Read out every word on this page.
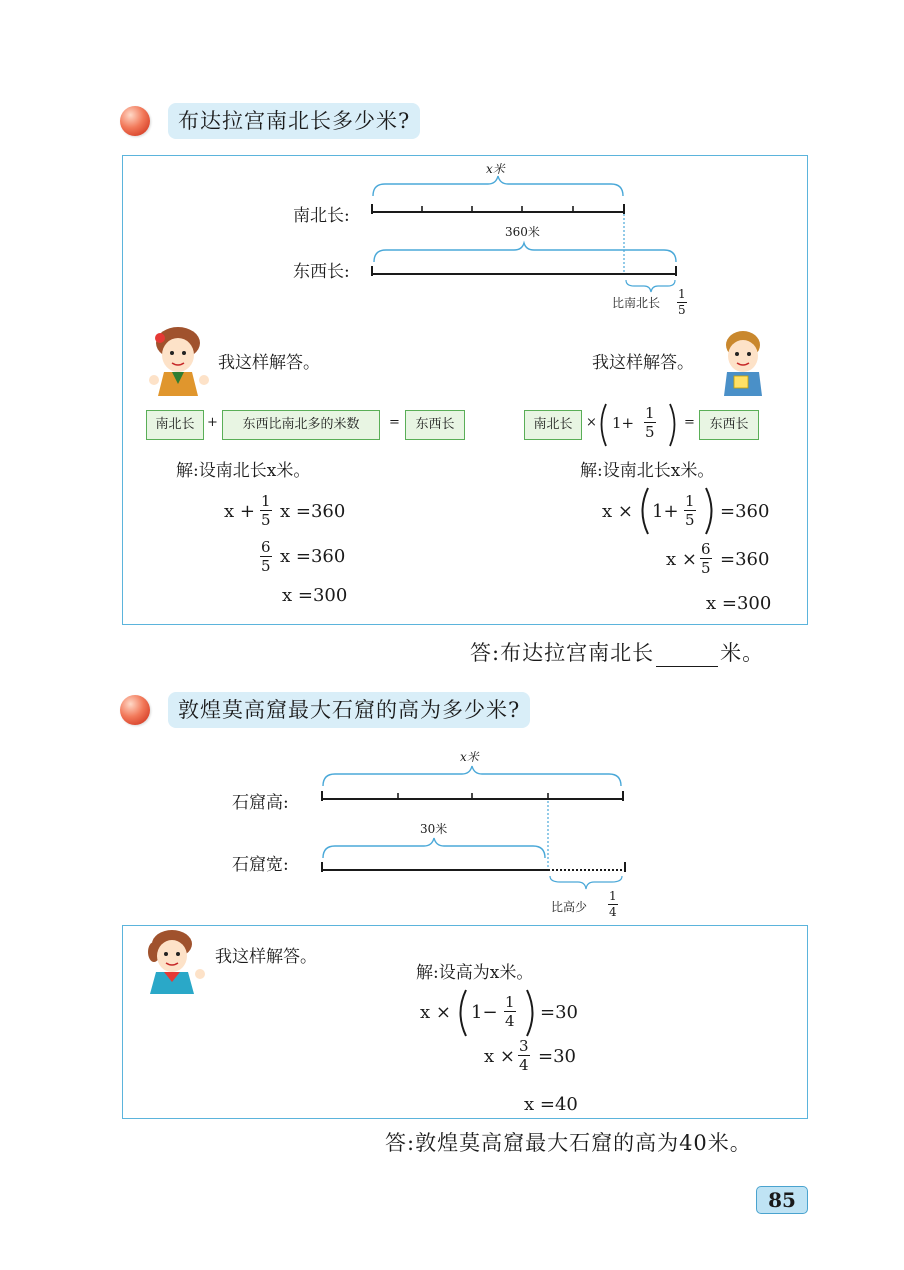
布达拉宫南北长多少米?
x米
南北长:
360米
东西长:
比南北长 $\frac{1}{5}$
我这样解答。	我这样解答。
南北长 +	东西比南北多的米数	=	东西长	南北长	× $1+ \frac{1}{5}$ =	东西长
解:设南北长x米。
$x + \frac{1}{5}$ x =360
$\frac{6}{5}$ x =360
x =300
解:设南北长x米。
$x \times 1+ \frac{1}{5} =360$
$x \times \frac{6}{5} =360$
x =300
答:布达拉宫南北长	米。
敦煌莫高窟最大石窟的高为多少米?
x米
石窟高:
30米
石窟宽:
比高少 $\frac{1}{4}$
我这样解答。
解:设高为x米。
$x \times 1- \frac{1}{4} =30$
$x \times \frac{3}{4} =30$
x =40
答:敦煌莫高窟最大石窟的高为40米。
85
